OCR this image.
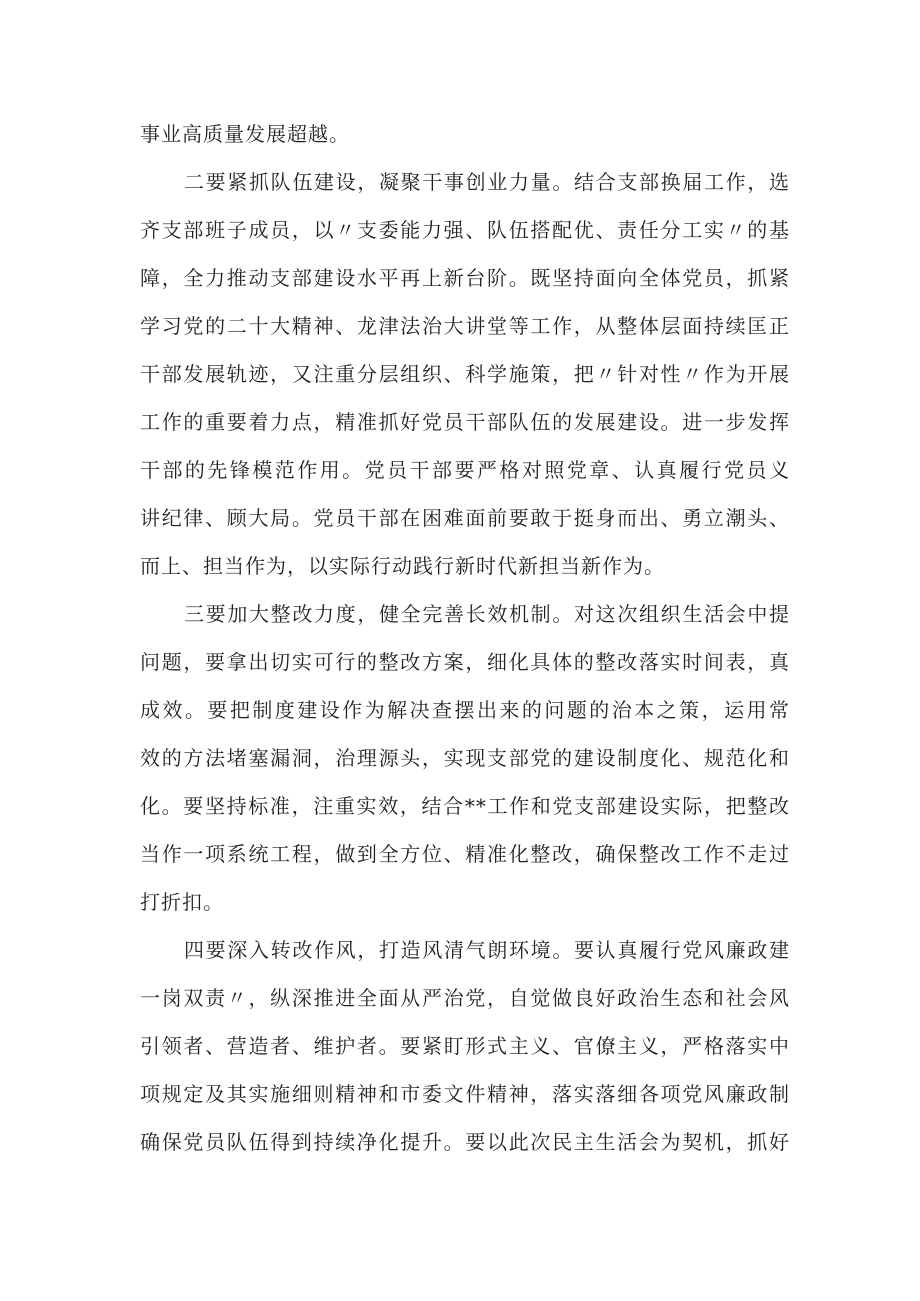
事业高质量发展超越。
二要紧抓队伍建设，凝聚干事创业力量。结合支部换届工作，选
齐支部班子成员，以〃支委能力强、队伍搭配优、责任分工实〃的基
障，全力推动支部建设水平再上新台阶。既坚持面向全体党员，抓紧
学习党的二十大精神、龙津法治大讲堂等工作，从整体层面持续匡正
干部发展轨迹，又注重分层组织、科学施策，把〃针对性〃作为开展
工作的重要着力点，精准抓好党员干部队伍的发展建设。进一步发挥
干部的先锋模范作用。党员干部要严格对照党章、认真履行党员义
讲纪律、顾大局。党员干部在困难面前要敢于挺身而出、勇立潮头、
而上、担当作为，以实际行动践行新时代新担当新作为。
三要加大整改力度，健全完善长效机制。对这次组织生活会中提
问题，要拿出切实可行的整改方案，细化具体的整改落实时间表，真
成效。要把制度建设作为解决查摆出来的问题的治本之策，运用常
效的方法堵塞漏洞，治理源头，实现支部党的建设制度化、规范化和
化。要坚持标准，注重实效，结合**工作和党支部建设实际，把整改
当作一项系统工程，做到全方位、精准化整改，确保整改工作不走过
打折扣。
四要深入转改作风，打造风清气朗环境。要认真履行党风廉政建
一岗双责〃，纵深推进全面从严治党，自觉做良好政治生态和社会风
引领者、营造者、维护者。要紧盯形式主义、官僚主义，严格落实中
项规定及其实施细则精神和市委文件精神，落实落细各项党风廉政制
确保党员队伍得到持续净化提升。要以此次民主生活会为契机，抓好
